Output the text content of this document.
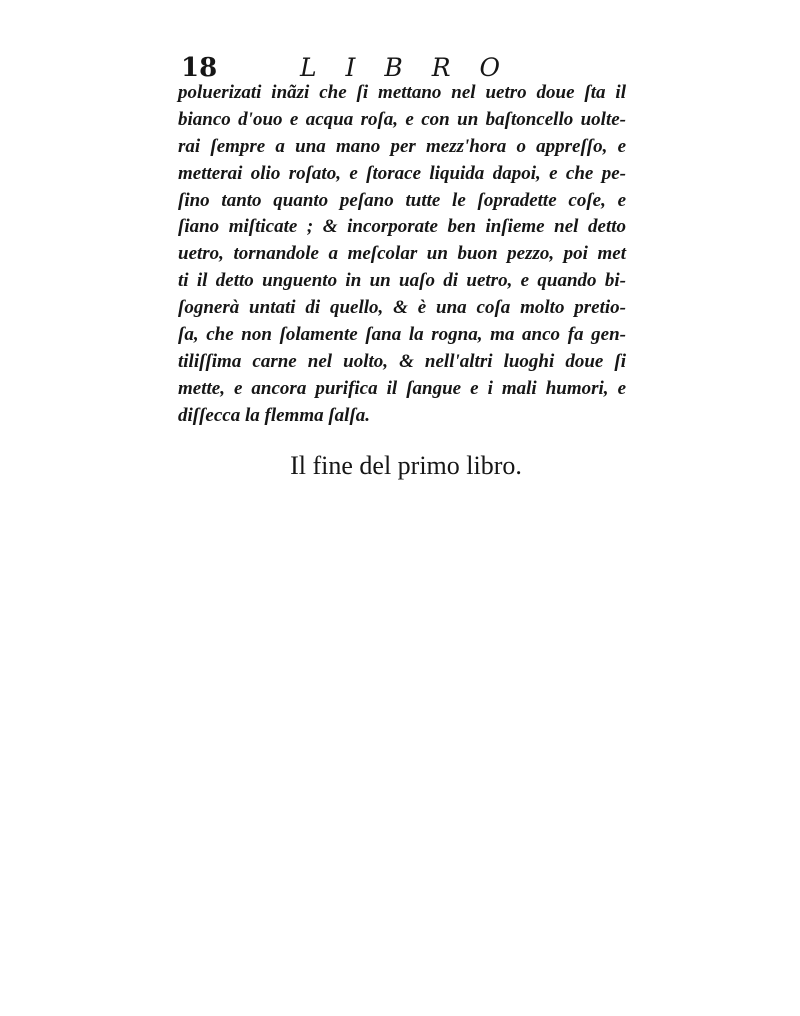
18	L I B R O
poluerizati inãzi che ſi mettano nel uetro doue ſta il
bianco d'ouo e acqua roſa, e con un baſtoncello uolte-
rai ſempre a una mano per mezz'hora o appreſſo, e
metterai olio roſato, e ſtorace liquida dapoi, e che pe-
ſino tanto quanto peſano tutte le ſopradette coſe, e
ſiano miſticate ; & incorporate ben inſieme nel detto
uetro, tornandole a meſcolar un buon pezzo, poi met
ti il detto unguento in un uaſo di uetro, e quando bi-
ſognerà untati di quello, & è una coſa molto pretio-
ſa, che non ſolamente ſana la rogna, ma anco fa gen-
tiliſſima carne nel uolto, & nell'altri luoghi doue ſi
mette, e ancora purifica il ſangue e i mali humori, e
diſſecca la flemma ſalſa.
Il fine del primo libro.
